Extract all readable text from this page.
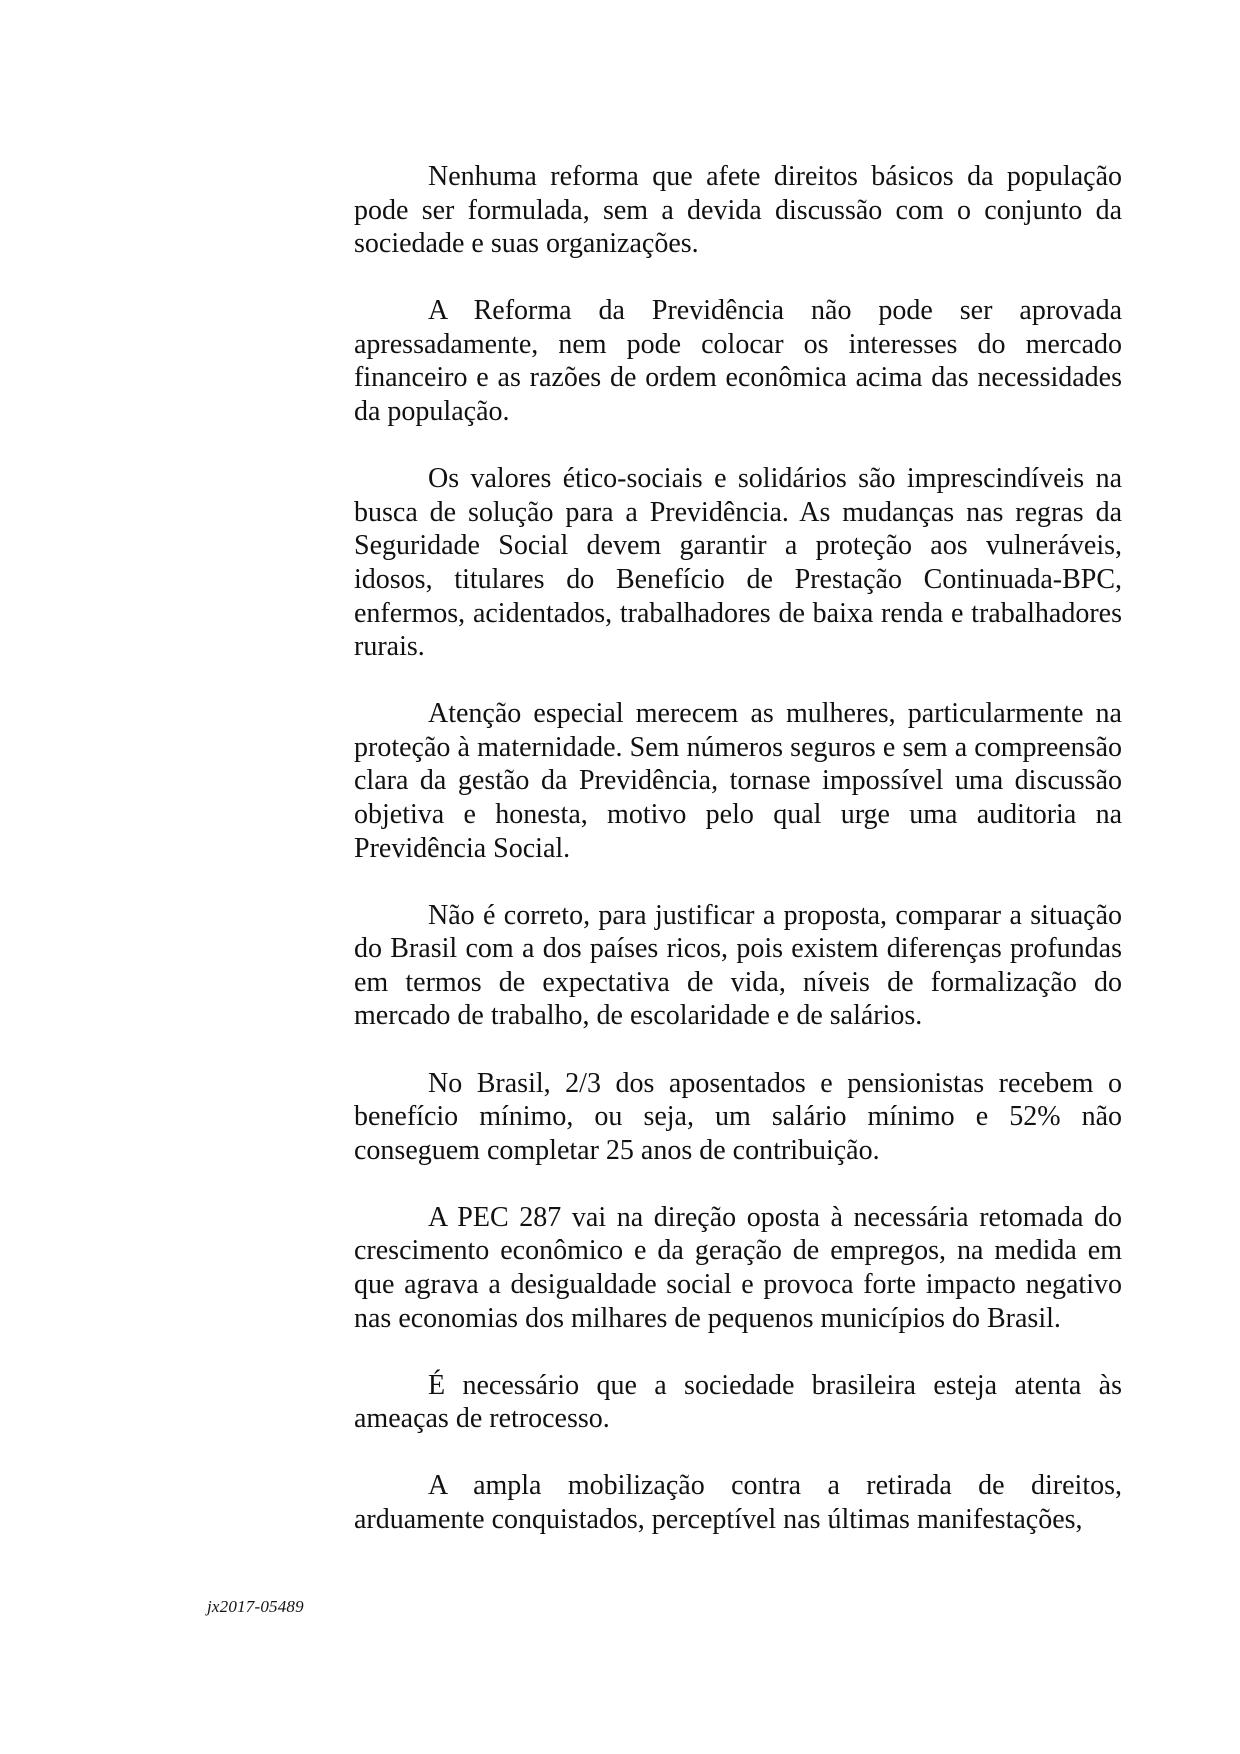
Nenhuma reforma que afete direitos básicos da população pode ser formulada, sem a devida discussão com o conjunto da sociedade e suas organizações.

A Reforma da Previdência não pode ser aprovada apressadamente, nem pode colocar os interesses do mercado financeiro e as razões de ordem econômica acima das necessidades da população.

Os valores ético-sociais e solidários são imprescindíveis na busca de solução para a Previdência. As mudanças nas regras da Seguridade Social devem garantir a proteção aos vulneráveis, idosos, titulares do Benefício de Prestação Continuada-BPC, enfermos, acidentados, trabalhadores de baixa renda e trabalhadores rurais.

Atenção especial merecem as mulheres, particularmente na proteção à maternidade. Sem números seguros e sem a compreensão clara da gestão da Previdência, tornase impossível uma discussão objetiva e honesta, motivo pelo qual urge uma auditoria na Previdência Social.

Não é correto, para justificar a proposta, comparar a situação do Brasil com a dos países ricos, pois existem diferenças profundas em termos de expectativa de vida, níveis de formalização do mercado de trabalho, de escolaridade e de salários.

No Brasil, 2/3 dos aposentados e pensionistas recebem o benefício mínimo, ou seja, um salário mínimo e 52% não conseguem completar 25 anos de contribuição.

A PEC 287 vai na direção oposta à necessária retomada do crescimento econômico e da geração de empregos, na medida em que agrava a desigualdade social e provoca forte impacto negativo nas economias dos milhares de pequenos municípios do Brasil.

É necessário que a sociedade brasileira esteja atenta às ameaças de retrocesso.

A ampla mobilização contra a retirada de direitos, arduamente conquistados, perceptível nas últimas manifestações,

jx2017-05489
